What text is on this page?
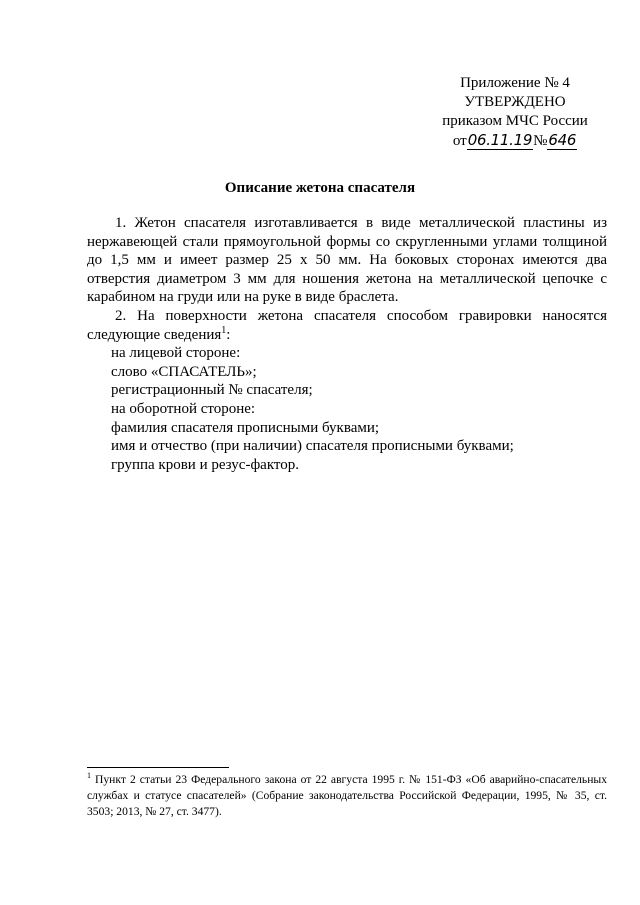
Приложение № 4
УТВЕРЖДЕНО
приказом МЧС России
от06.11.19№646
Описание жетона спасателя

1. Жетон спасателя изготавливается в виде металлической пластины из нержавеющей стали прямоугольной формы со скругленными углами толщиной до 1,5 мм и имеет размер 25 x 50 мм. На боковых сторонах имеются два отверстия диаметром 3 мм для ношения жетона на металлической цепочке с карабином на груди или на руке в виде браслета.

2. На поверхности жетона спасателя способом гравировки наносятся следующие сведения$^1$:

на лицевой стороне:

слово «СПАСАТЕЛЬ»;

регистрационный № спасателя;

на оборотной стороне:

фамилия спасателя прописными буквами;

имя и отчество (при наличии) спасателя прописными буквами;

группа крови и резус-фактор.

$^1$ Пункт 2 статьи 23 Федерального закона от 22 августа 1995 г. № 151-ФЗ «Об аварийно-спасательных службах и статусе спасателей» (Собрание законодательства Российской Федерации, 1995, № 35, ст. 3503; 2013, № 27, ст. 3477).
